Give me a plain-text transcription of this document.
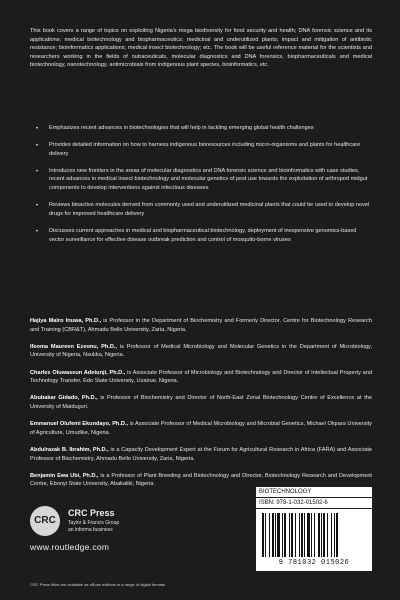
This book covers a range of topics on exploiting Nigeria's mega biodiversity for food security and health; DNA forensic science and its applications; medical biotechnology and biopharmaceutics; medicinal and underutilized plants; impact and mitigation of antibiotic resistance; bioinformatics applications; medical insect biotechnology; etc. The book will be useful reference material for the scientists and researchers working in the fields of nutraceuticals, molecular diagnostics and DNA forensics, biopharmaceuticals and medical biotechnology, nanotechnology, antimicrobials from indigenous plant species, bioinformatics, etc.

• Emphasizes recent advances in biotechnologies that will help in tackling emerging global health challenges
• Provides detailed information on how to harness indigenous bioresources including micro-organisms and plants for healthcare delivery
• Introduces new frontiers in the areas of molecular diagnostics and DNA forensic science and bioinformatics with case studies, recent advances in medical insect biotechnology and molecular genetics of pest use towards the exploitation of arthropod midgut components to develop interventions against infectious diseases
• Reviews bioactive molecules derived from commonly used and underutilized medicinal plants that could be used to develop novel drugs for improved healthcare delivery
• Discusses current approaches in medical and biopharmaceutical biotechnology, deployment of inexpensive genomics-based vector surveillance for effective disease outbreak prediction and control of mosquito-borne viruses

Hajiya Mairo Inuwa, Ph.D., is Professor in the Department of Biochemistry and Formerly Director, Centre for Biotechnology Research and Training (CBR&T), Ahmadu Bello University, Zaria, Nigeria.

Ifeoma Maureen Ezeonu, Ph.D., is Professor of Medical Microbiology and Molecular Genetics in the Department of Microbiology, University of Nigeria, Nsukka, Nigeria.

Charles Oluwaseun Adetunji, Ph.D., is Associate Professor of Microbiology and Biotechnology and Director of Intellectual Property and Technology Transfer, Edo State University, Uzairue, Nigeria.

Abubakar Gidado, Ph.D., is Professor of Biochemistry and Director of North-East Zonal Biotechnology Centre of Excellence at the University of Maiduguri.

Emmanuel Olufemi Ekundayo, Ph.D., is Associate Professor of Medical Microbiology and Microbial Genetics, Michael Okpara University of Agriculture, Umudike, Nigeria.

Abdulrazak B. Ibrahim, Ph.D., is a Capacity Development Expert at the Forum for Agricultural Research in Africa (FARA) and Associate Professor of Biochemistry, Ahmadu Bello University, Zaria, Nigeria.

Benjamin Ewa Ubi, Ph.D., is a Professor of Plant Breeding and Biotechnology and Director, Biotechnology Research and Development Centre, Ebonyi State University, Abakaliki, Nigeria.

CRC
CRC Press
Taylor & Francis Group
an informa business
www.routledge.com
CRC Press titles are available as eBook editions in a range of digital formats
BIOTECHNOLOGY
ISBN: 978-1-032-01502-6
9 781032 015026
